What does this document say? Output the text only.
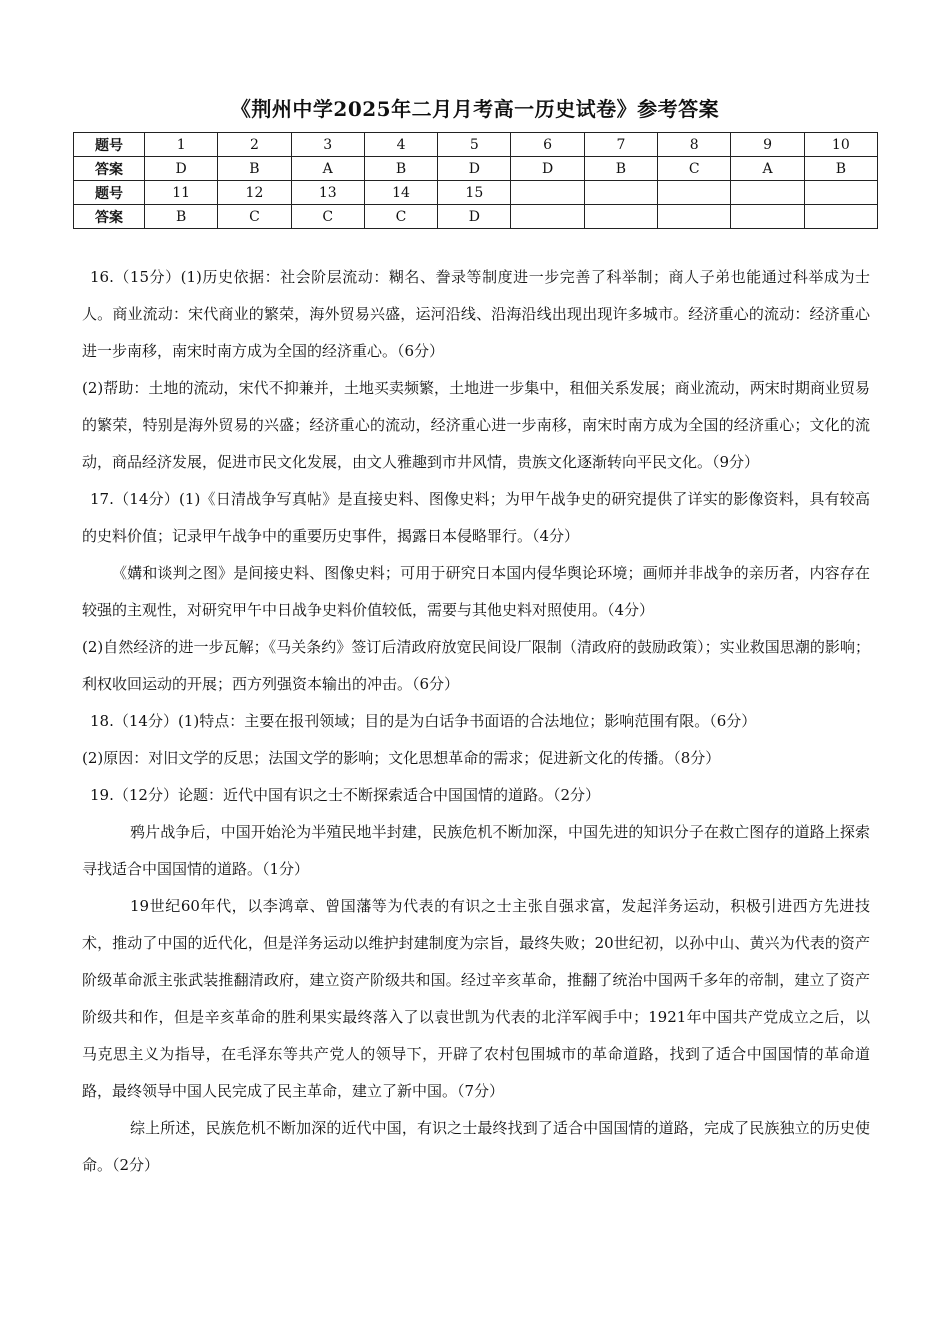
《荆州中学2025年二月月考高一历史试卷》参考答案
题号	1	2	3	4	5	6	7	8	9	10
答案	D	B	A	B	D	D	B	C	A	B
题号	11	12	13	14	15					
答案	B	C	C	C	D					

16.（15分）(1)历史依据：社会阶层流动：糊名、誊录等制度进一步完善了科举制；商人子弟也能通过科举成为士人。商业流动：宋代商业的繁荣，海外贸易兴盛，运河沿线、沿海沿线出现出现许多城市。经济重心的流动：经济重心进一步南移，南宋时南方成为全国的经济重心。（6分）

(2)帮助：土地的流动，宋代不抑兼并，土地买卖频繁，土地进一步集中，租佃关系发展；商业流动，两宋时期商业贸易的繁荣，特别是海外贸易的兴盛；经济重心的流动，经济重心进一步南移，南宋时南方成为全国的经济重心；文化的流动，商品经济发展，促进市民文化发展，由文人雅趣到市井风情，贵族文化逐渐转向平民文化。（9分）

17.（14分）(1)《日清战争写真帖》是直接史料、图像史料；为甲午战争史的研究提供了详实的影像资料，具有较高的史料价值；记录甲午战争中的重要历史事件，揭露日本侵略罪行。（4分）

《媾和谈判之图》是间接史料、图像史料；可用于研究日本国内侵华舆论环境；画师并非战争的亲历者，内容存在较强的主观性，对研究甲午中日战争史料价值较低，需要与其他史料对照使用。（4分）

(2)自然经济的进一步瓦解；《马关条约》签订后清政府放宽民间设厂限制（清政府的鼓励政策）；实业救国思潮的影响；利权收回运动的开展；西方列强资本输出的冲击。（6分）

18.（14分）(1)特点：主要在报刊领域；目的是为白话争书面语的合法地位；影响范围有限。（6分）

(2)原因：对旧文学的反思；法国文学的影响；文化思想革命的需求；促进新文化的传播。（8分）

19.（12分）论题：近代中国有识之士不断探索适合中国国情的道路。（2分）

鸦片战争后，中国开始沦为半殖民地半封建，民族危机不断加深，中国先进的知识分子在救亡图存的道路上探索寻找适合中国国情的道路。（1分）

19世纪60年代，以李鸿章、曾国藩等为代表的有识之士主张自强求富，发起洋务运动，积极引进西方先进技术，推动了中国的近代化，但是洋务运动以维护封建制度为宗旨，最终失败；20世纪初，以孙中山、黄兴为代表的资产阶级革命派主张武装推翻清政府，建立资产阶级共和国。经过辛亥革命，推翻了统治中国两千多年的帝制，建立了资产阶级共和作，但是辛亥革命的胜利果实最终落入了以袁世凯为代表的北洋军阀手中；1921年中国共产党成立之后，以马克思主义为指导，在毛泽东等共产党人的领导下，开辟了农村包围城市的革命道路，找到了适合中国国情的革命道路，最终领导中国人民完成了民主革命，建立了新中国。（7分）

综上所述，民族危机不断加深的近代中国，有识之士最终找到了适合中国国情的道路，完成了民族独立的历史使命。（2分）
